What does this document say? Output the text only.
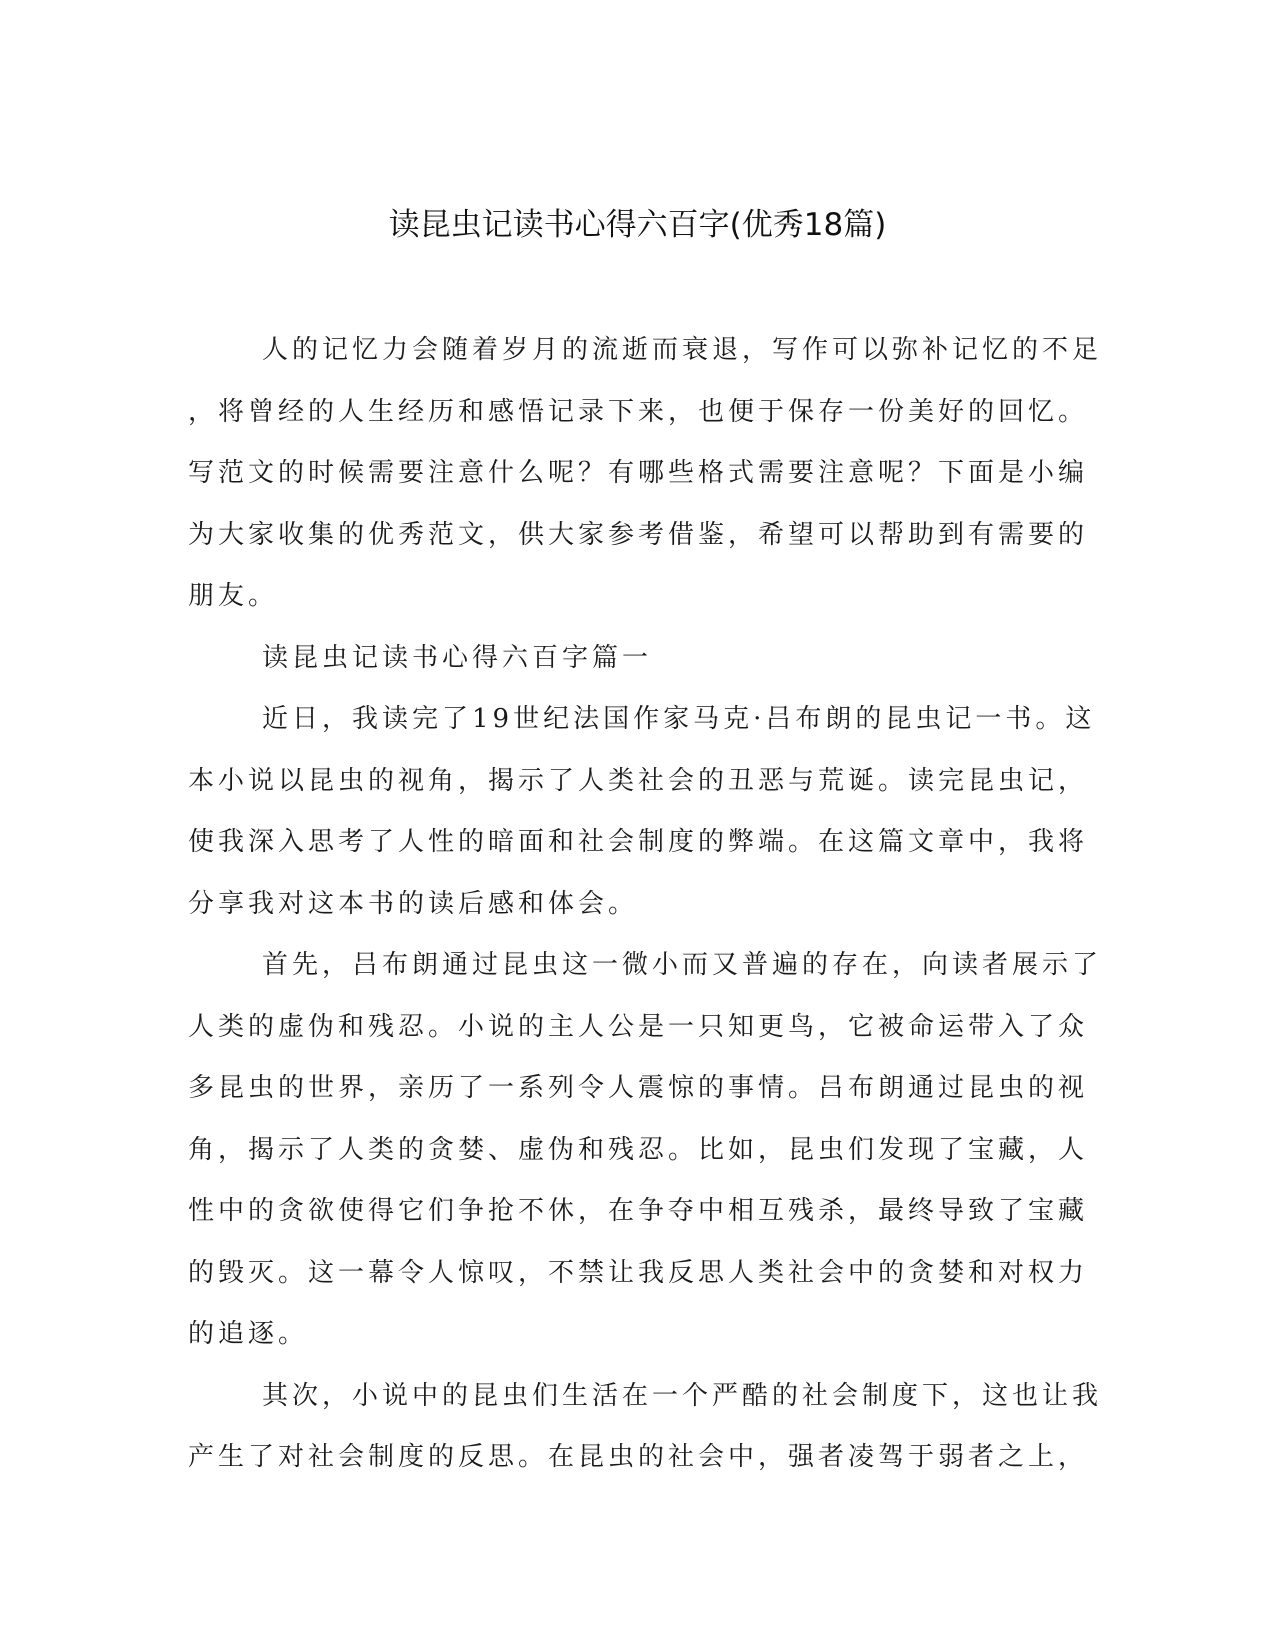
读昆虫记读书心得六百字(优秀18篇)

人的记忆力会随着岁月的流逝而衰退，写作可以弥补记忆的不足
，将曾经的人生经历和感悟记录下来，也便于保存一份美好的回忆。
写范文的时候需要注意什么呢？有哪些格式需要注意呢？下面是小编
为大家收集的优秀范文，供大家参考借鉴，希望可以帮助到有需要的
朋友。

读昆虫记读书心得六百字篇一

近日，我读完了19世纪法国作家马克·吕布朗的昆虫记一书。这
本小说以昆虫的视角，揭示了人类社会的丑恶与荒诞。读完昆虫记，
使我深入思考了人性的暗面和社会制度的弊端。在这篇文章中，我将
分享我对这本书的读后感和体会。

首先，吕布朗通过昆虫这一微小而又普遍的存在，向读者展示了
人类的虚伪和残忍。小说的主人公是一只知更鸟，它被命运带入了众
多昆虫的世界，亲历了一系列令人震惊的事情。吕布朗通过昆虫的视
角，揭示了人类的贪婪、虚伪和残忍。比如，昆虫们发现了宝藏，人
性中的贪欲使得它们争抢不休，在争夺中相互残杀，最终导致了宝藏
的毁灭。这一幕令人惊叹，不禁让我反思人类社会中的贪婪和对权力
的追逐。

其次，小说中的昆虫们生活在一个严酷的社会制度下，这也让我
产生了对社会制度的反思。在昆虫的社会中，强者凌驾于弱者之上，
